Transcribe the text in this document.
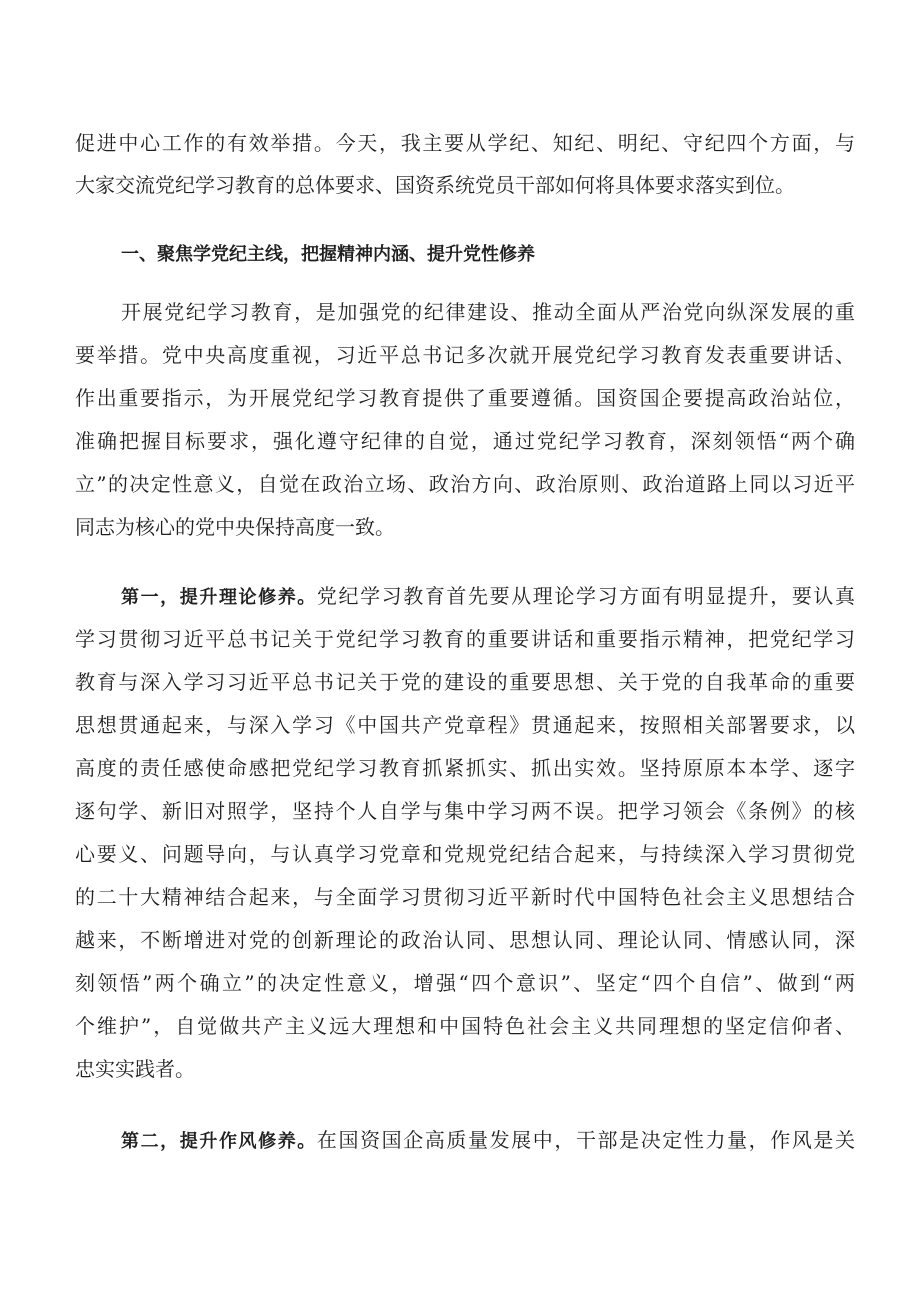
促进中心工作的有效举措。今天，我主要从学纪、知纪、明纪、守纪四个方面，与

大家交流党纪学习教育的总体要求、国资系统党员干部如何将具体要求落实到位。

一、聚焦学党纪主线，把握精神内涵、提升党性修养

开展党纪学习教育，是加强党的纪律建设、推动全面从严治党向纵深发展的重

要举措。党中央高度重视，习近平总书记多次就开展党纪学习教育发表重要讲话、

作出重要指示，为开展党纪学习教育提供了重要遵循。国资国企要提高政治站位，

准确把握目标要求，强化遵守纪律的自觉，通过党纪学习教育，深刻领悟“两个确

立”的决定性意义，自觉在政治立场、政治方向、政治原则、政治道路上同以习近平

同志为核心的党中央保持高度一致。

第一，提升理论修养。党纪学习教育首先要从理论学习方面有明显提升，要认真

学习贯彻习近平总书记关于党纪学习教育的重要讲话和重要指示精神，把党纪学习

教育与深入学习习近平总书记关于党的建设的重要思想、关于党的自我革命的重要

思想贯通起来，与深入学习《中国共产党章程》贯通起来，按照相关部署要求，以

高度的责任感使命感把党纪学习教育抓紧抓实、抓出实效。坚持原原本本学、逐字

逐句学、新旧对照学，坚持个人自学与集中学习两不误。把学习领会《条例》的核

心要义、问题导向，与认真学习党章和党规党纪结合起来，与持续深入学习贯彻党

的二十大精神结合起来，与全面学习贯彻习近平新时代中国特色社会主义思想结合

越来，不断增进对党的创新理论的政治认同、思想认同、理论认同、情感认同，深

刻领悟”两个确立”的决定性意义，增强“四个意识”、坚定“四个自信”、做到“两

个维护”，自觉做共产主义远大理想和中国特色社会主义共同理想的坚定信仰者、

忠实实践者。

第二，提升作风修养。在国资国企高质量发展中，干部是决定性力量，作风是关
